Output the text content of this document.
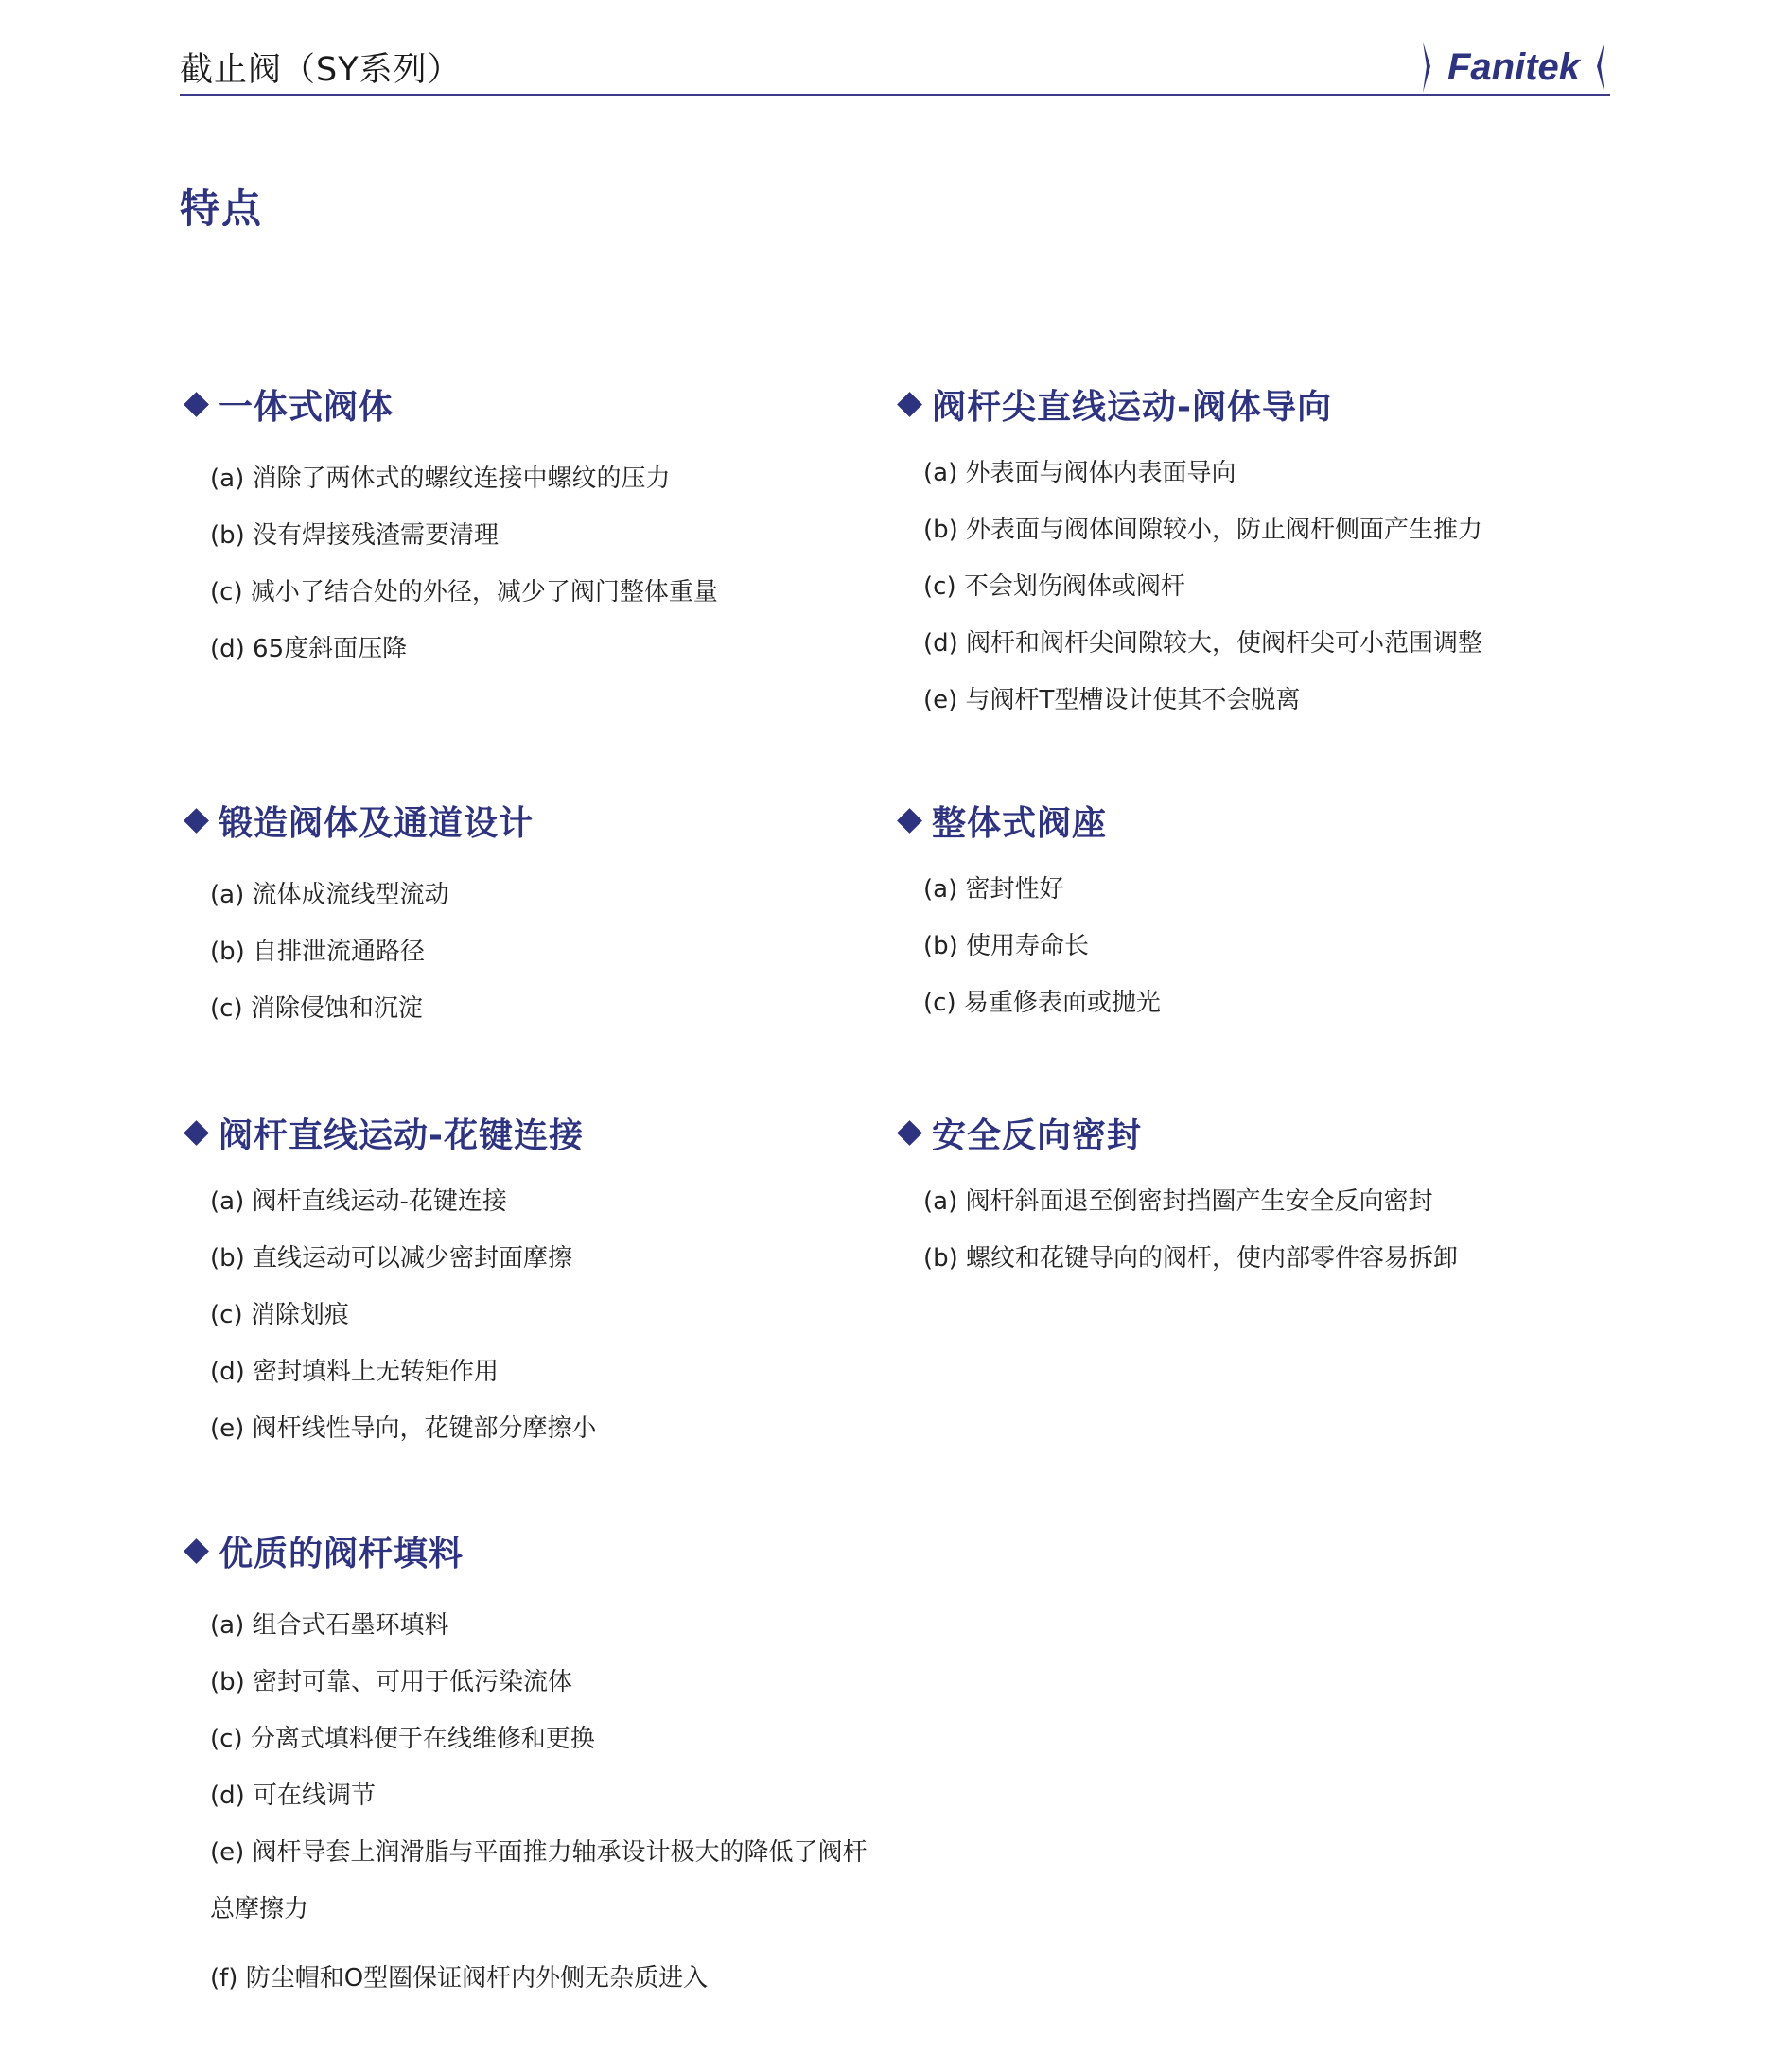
截止阀（SY系列）	Fanitek
特点
一体式阀体
(a) 消除了两体式的螺纹连接中螺纹的压力
(b) 没有焊接残渣需要清理
(c) 减小了结合处的外径，减少了阀门整体重量
(d) 65度斜面压降
阀杆尖直线运动-阀体导向
(a) 外表面与阀体内表面导向
(b) 外表面与阀体间隙较小，防止阀杆侧面产生推力
(c) 不会划伤阀体或阀杆
(d) 阀杆和阀杆尖间隙较大，使阀杆尖可小范围调整
(e) 与阀杆T型槽设计使其不会脱离
锻造阀体及通道设计
(a) 流体成流线型流动
(b) 自排泄流通路径
(c) 消除侵蚀和沉淀
整体式阀座
(a) 密封性好
(b) 使用寿命长
(c) 易重修表面或抛光
阀杆直线运动-花键连接
(a) 阀杆直线运动-花键连接
(b) 直线运动可以减少密封面摩擦
(c) 消除划痕
(d) 密封填料上无转矩作用
(e) 阀杆线性导向，花键部分摩擦小
安全反向密封
(a) 阀杆斜面退至倒密封挡圈产生安全反向密封
(b) 螺纹和花键导向的阀杆，使内部零件容易拆卸
优质的阀杆填料
(a) 组合式石墨环填料
(b) 密封可靠、可用于低污染流体
(c) 分离式填料便于在线维修和更换
(d) 可在线调节
(e) 阀杆导套上润滑脂与平面推力轴承设计极大的降低了阀杆总摩擦力
(f) 防尘帽和O型圈保证阀杆内外侧无杂质进入
